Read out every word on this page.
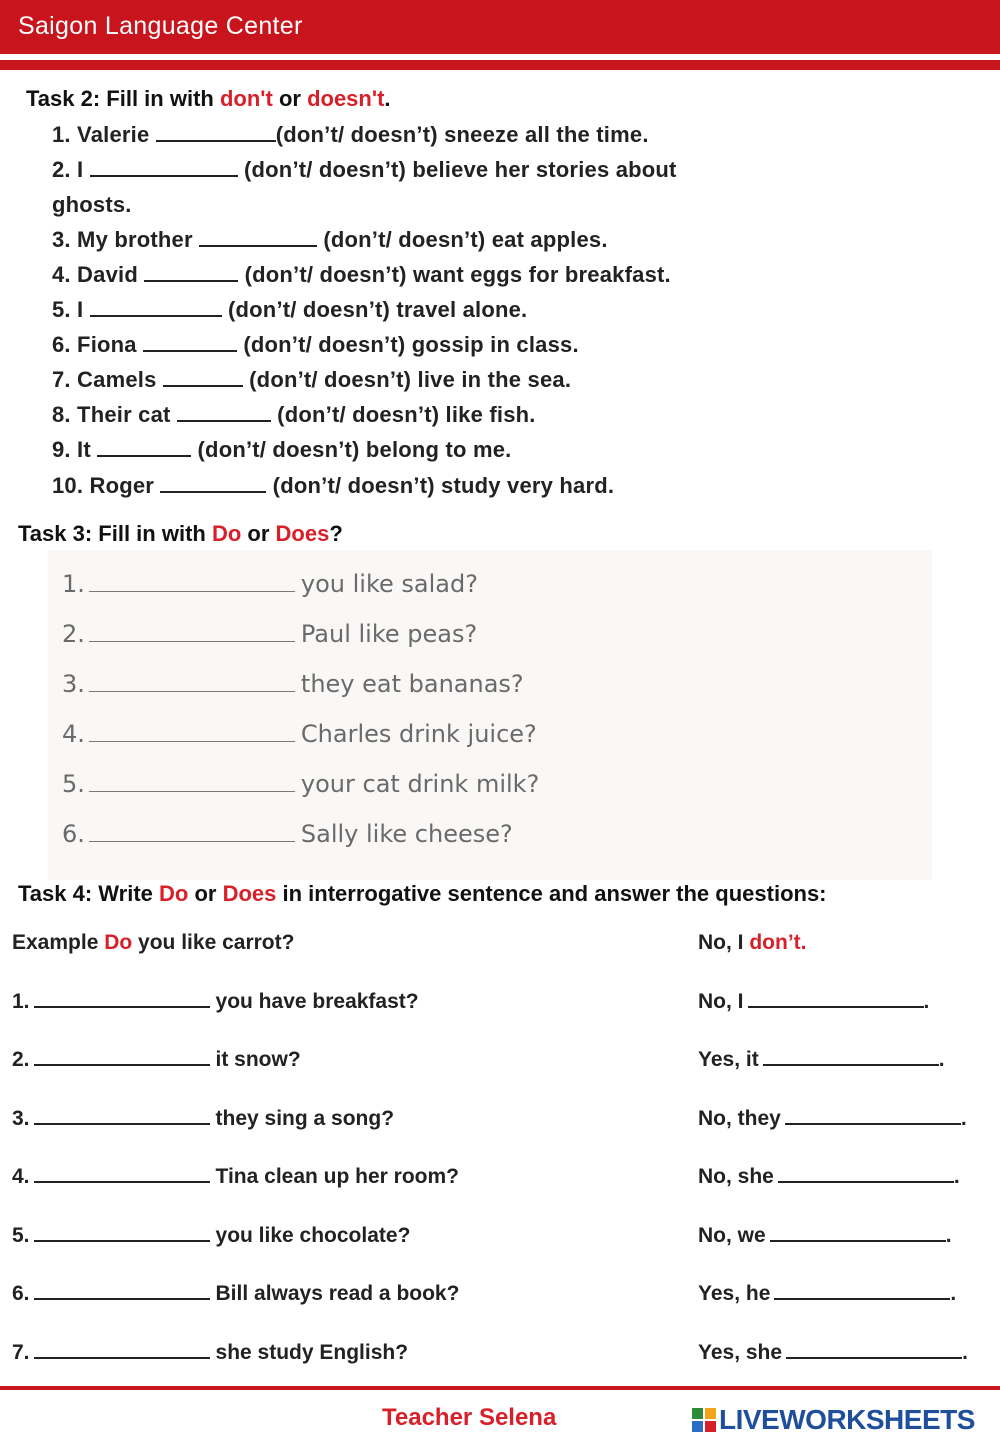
Saigon Language Center
Task 2: Fill in with don't or doesn't.
1. Valerie	(don’t/ doesn’t) sneeze all the time.
2. I	(don’t/ doesn’t) believe her stories about
ghosts.
3. My brother	(don’t/ doesn’t) eat apples.
4. David	(don’t/ doesn’t) want eggs for breakfast.
5. I	(don’t/ doesn’t) travel alone.
6. Fiona	(don’t/ doesn’t) gossip in class.
7. Camels	(don’t/ doesn’t) live in the sea.
8. Their cat	(don’t/ doesn’t) like fish.
9. It	(don’t/ doesn’t) belong to me.
10. Roger	(don’t/ doesn’t) study very hard.
Task 3: Fill in with Do or Does?
1.	you like salad?
2.	Paul like peas?
3.	they eat bananas?
4.	Charles drink juice?
5.	your cat drink milk?
6.	Sally like cheese?
Task 4: Write Do or Does in interrogative sentence and answer the questions:
Example Do you like carrot?	No, I don’t.
1.	you have breakfast?	No, I	.
2.	it snow?	Yes, it	.
3.	they sing a song?	No, they	.
4.	Tina clean up her room?	No, she	.
5.	you like chocolate?	No, we	.
6.	Bill always read a book?	Yes, he	.
7.	she study English?	Yes, she	.
Teacher Selena	LIVEWORKSHEETS
